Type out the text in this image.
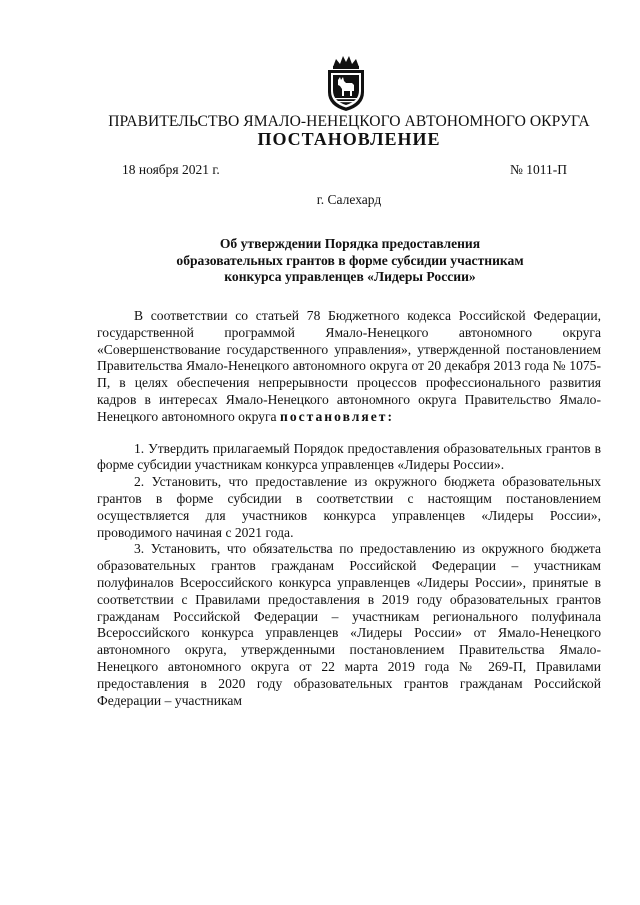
ПРАВИТЕЛЬСТВО ЯМАЛО-НЕНЕЦКОГО АВТОНОМНОГО ОКРУГА
ПОСТАНОВЛЕНИЕ
18 ноября 2021 г.	№ 1011-П
г. Салехард
Об утверждении Порядка предоставления
образовательных грантов в форме субсидии участникам
конкурса управленцев «Лидеры России»

В соответствии со статьей 78 Бюджетного кодекса Российской Федерации, государственной программой Ямало-Ненецкого автономного округа «Совершенствование государственного управления», утвержденной постановлением Правительства Ямало-Ненецкого автономного округа от 20 декабря 2013 года № 1075-П, в целях обеспечения непрерывности процессов профессионального развития кадров в интересах Ямало-Ненецкого автономного округа Правительство Ямало-Ненецкого автономного округа постановляет:

1. Утвердить прилагаемый Порядок предоставления образовательных грантов в форме субсидии участникам конкурса управленцев «Лидеры России».

2. Установить, что предоставление из окружного бюджета образовательных грантов в форме субсидии в соответствии с настоящим постановлением осуществляется для участников конкурса управленцев «Лидеры России», проводимого начиная с 2021 года.

3. Установить, что обязательства по предоставлению из окружного бюджета образовательных грантов гражданам Российской Федерации – участникам полуфиналов Всероссийского конкурса управленцев «Лидеры России», принятые в соответствии с Правилами предоставления в 2019 году образовательных грантов гражданам Российской Федерации – участникам регионального полуфинала Всероссийского конкурса управленцев «Лидеры России» от Ямало-Ненецкого автономного округа, утвержденными постановлением Правительства Ямало-Ненецкого автономного округа от 22 марта 2019 года № 269-П, Правилами предоставления в 2020 году образовательных грантов гражданам Российской Федерации – участникам
